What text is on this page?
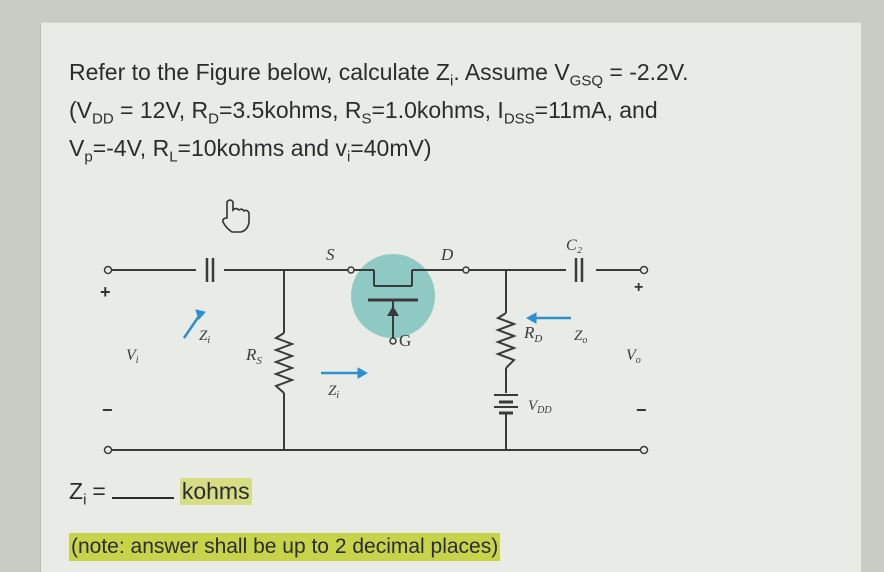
Refer to the Figure below, calculate $Z_i$. Assume $V_{GSQ} = -2.2V$.
($V_{DD} = 12V$, $R_D=3.5kohms$, $R_S=1.0kohms$, $I_{DSS}=11mA$, and
$V_p=-4V$, $R_L=10kohms$ and $v_i=40mV$)
C₂
S	D
G
$R_S$
$R_D$
$V_{DD}$
Vi	Vo
$Z_i$
$Z_i$
$Z_o$
+
−
+
−
$Z_i$ =	kohms
(note: answer shall be up to 2 decimal places)
